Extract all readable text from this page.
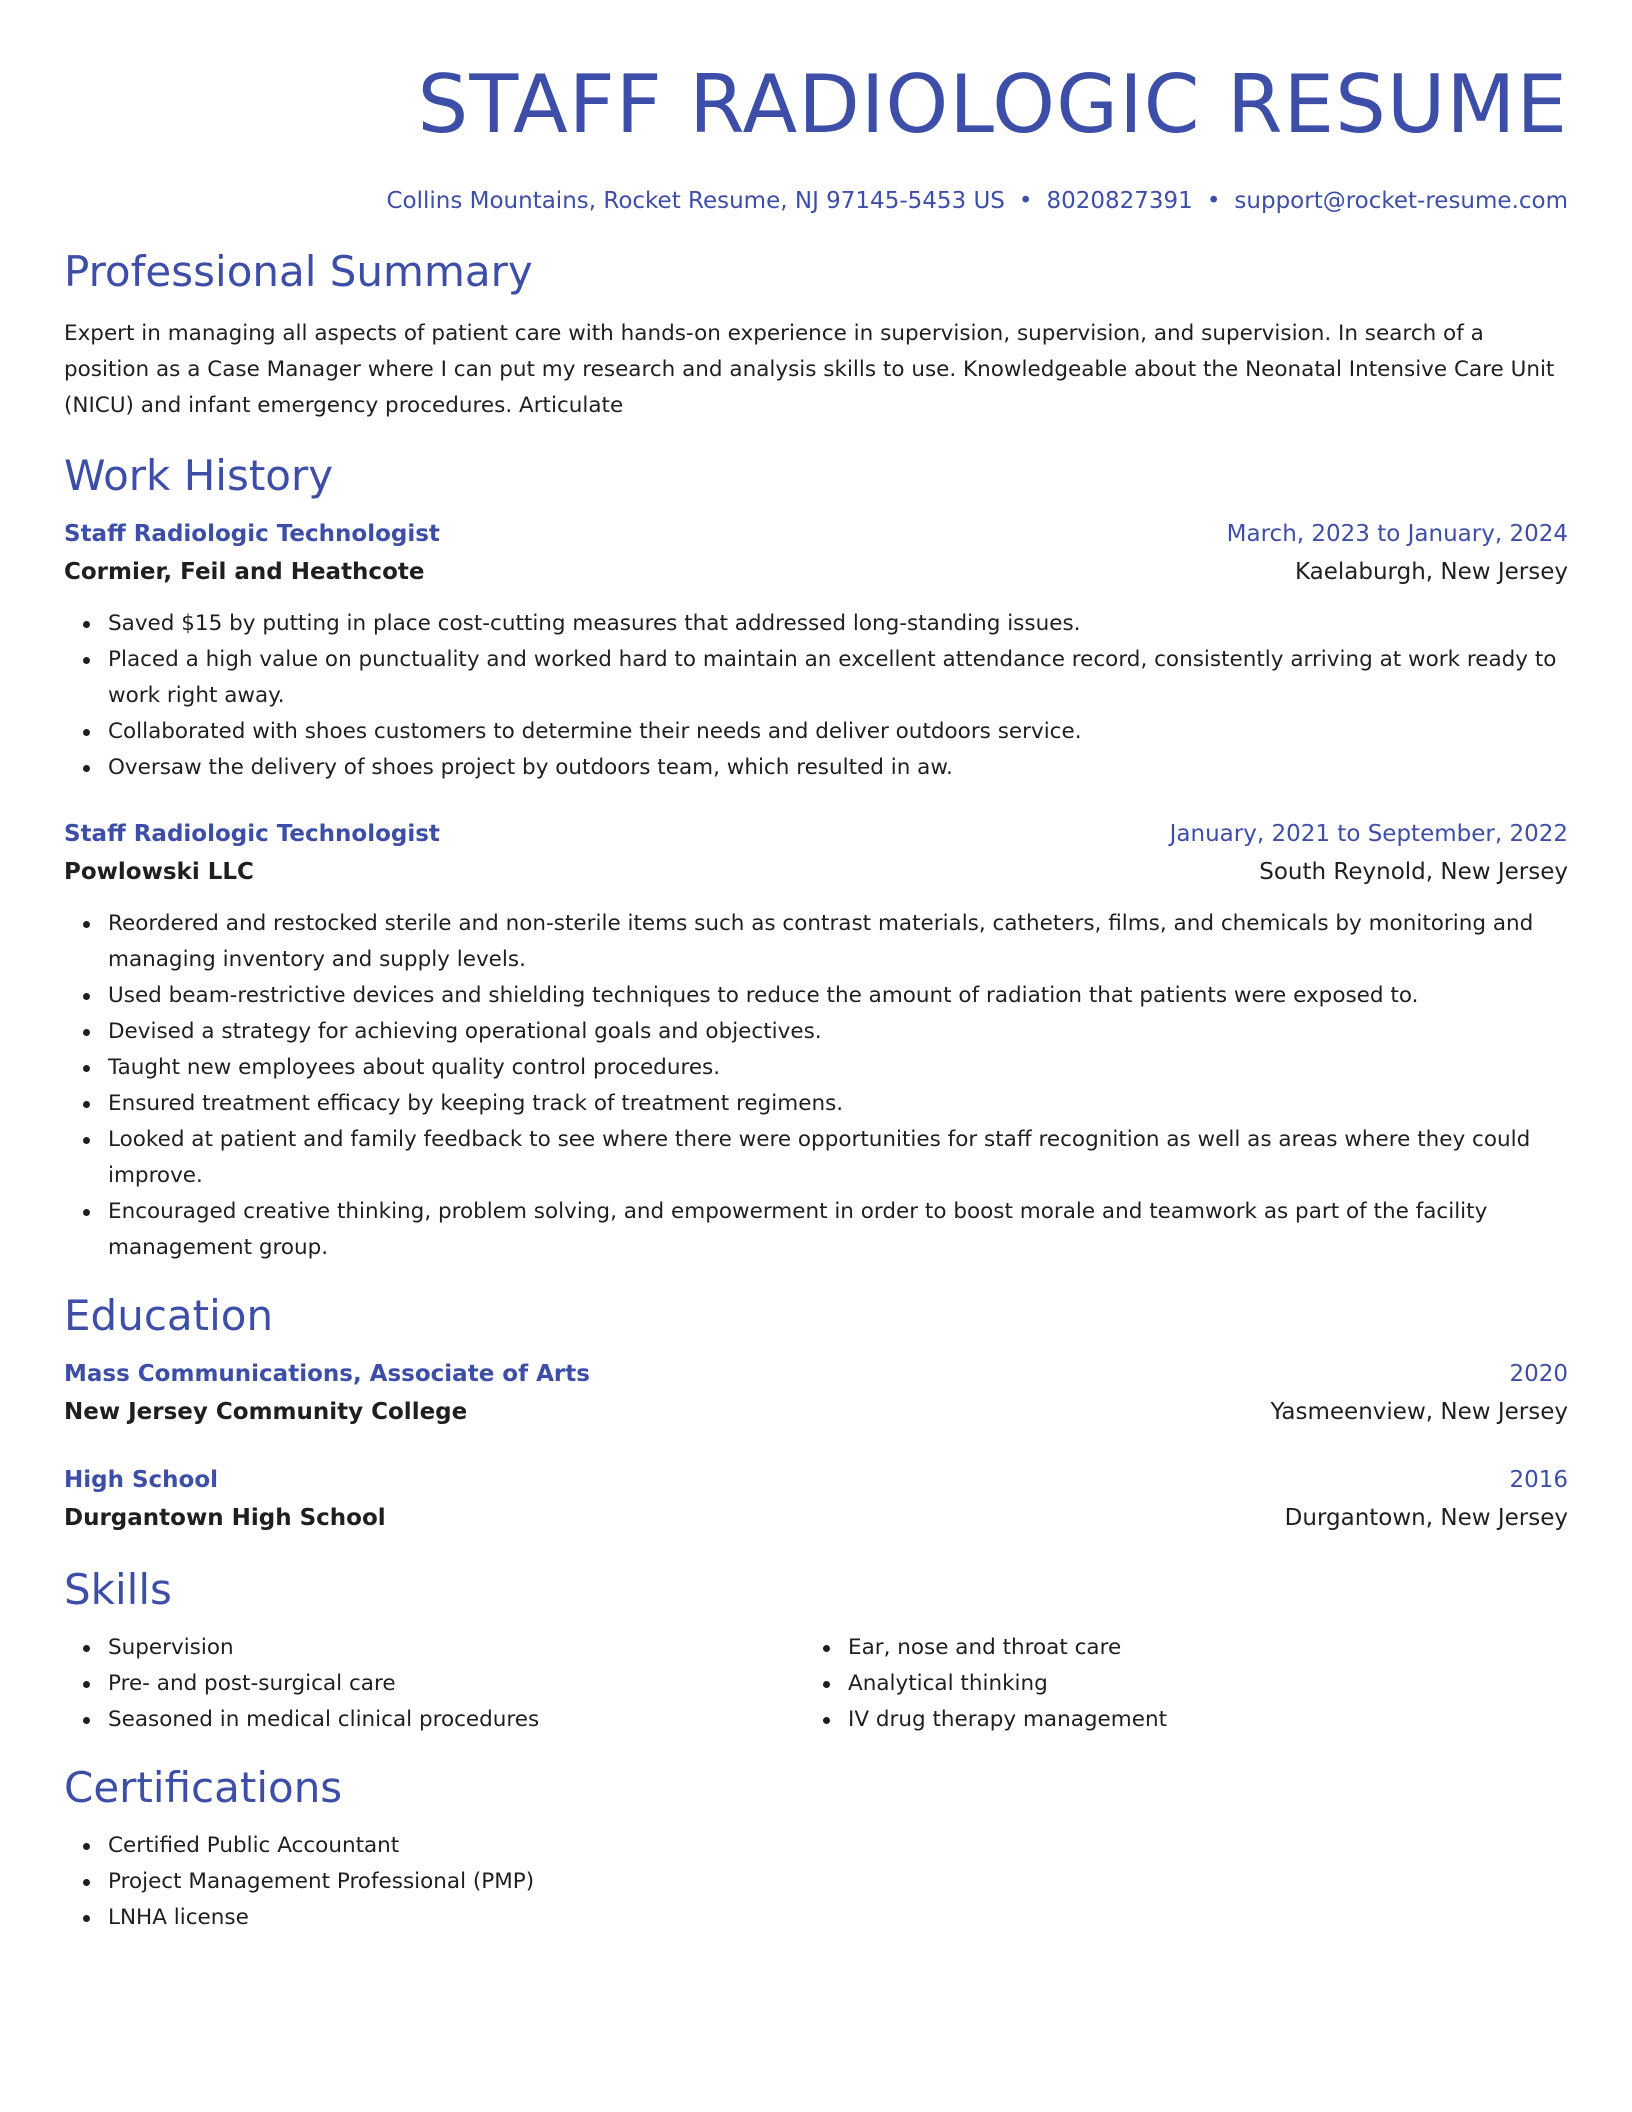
STAFF RADIOLOGIC RESUME
Collins Mountains, Rocket Resume, NJ 97145-5453 US • 8020827391 • support@rocket-resume.com
Professional Summary

Expert in managing all aspects of patient care with hands-on experience in supervision, supervision, and supervision. In search of a position as a Case Manager where I can put my research and analysis skills to use. Knowledgeable about the Neonatal Intensive Care Unit (NICU) and infant emergency procedures. Articulate

Work History
Staff Radiologic Technologist	March, 2023 to January, 2024
Cormier, Feil and Heathcote	Kaelaburgh, New Jersey
Saved $15 by putting in place cost-cutting measures that addressed long-standing issues.
Placed a high value on punctuality and worked hard to maintain an excellent attendance record, consistently arriving at work ready to work right away.
Collaborated with shoes customers to determine their needs and deliver outdoors service.
Oversaw the delivery of shoes project by outdoors team, which resulted in aw.
Staff Radiologic Technologist	January, 2021 to September, 2022
Powlowski LLC	South Reynold, New Jersey
Reordered and restocked sterile and non-sterile items such as contrast materials, catheters, films, and chemicals by monitoring and managing inventory and supply levels.
Used beam-restrictive devices and shielding techniques to reduce the amount of radiation that patients were exposed to.
Devised a strategy for achieving operational goals and objectives.
Taught new employees about quality control procedures.
Ensured treatment efficacy by keeping track of treatment regimens.
Looked at patient and family feedback to see where there were opportunities for staff recognition as well as areas where they could improve.
Encouraged creative thinking, problem solving, and empowerment in order to boost morale and teamwork as part of the facility management group.
Education
Mass Communications, Associate of Arts	2020
New Jersey Community College	Yasmeenview, New Jersey
High School	2016
Durgantown High School	Durgantown, New Jersey
Skills
Supervision
Pre- and post-surgical care
Seasoned in medical clinical procedures
Ear, nose and throat care
Analytical thinking
IV drug therapy management
Certifications
Certified Public Accountant
Project Management Professional (PMP)
LNHA license
